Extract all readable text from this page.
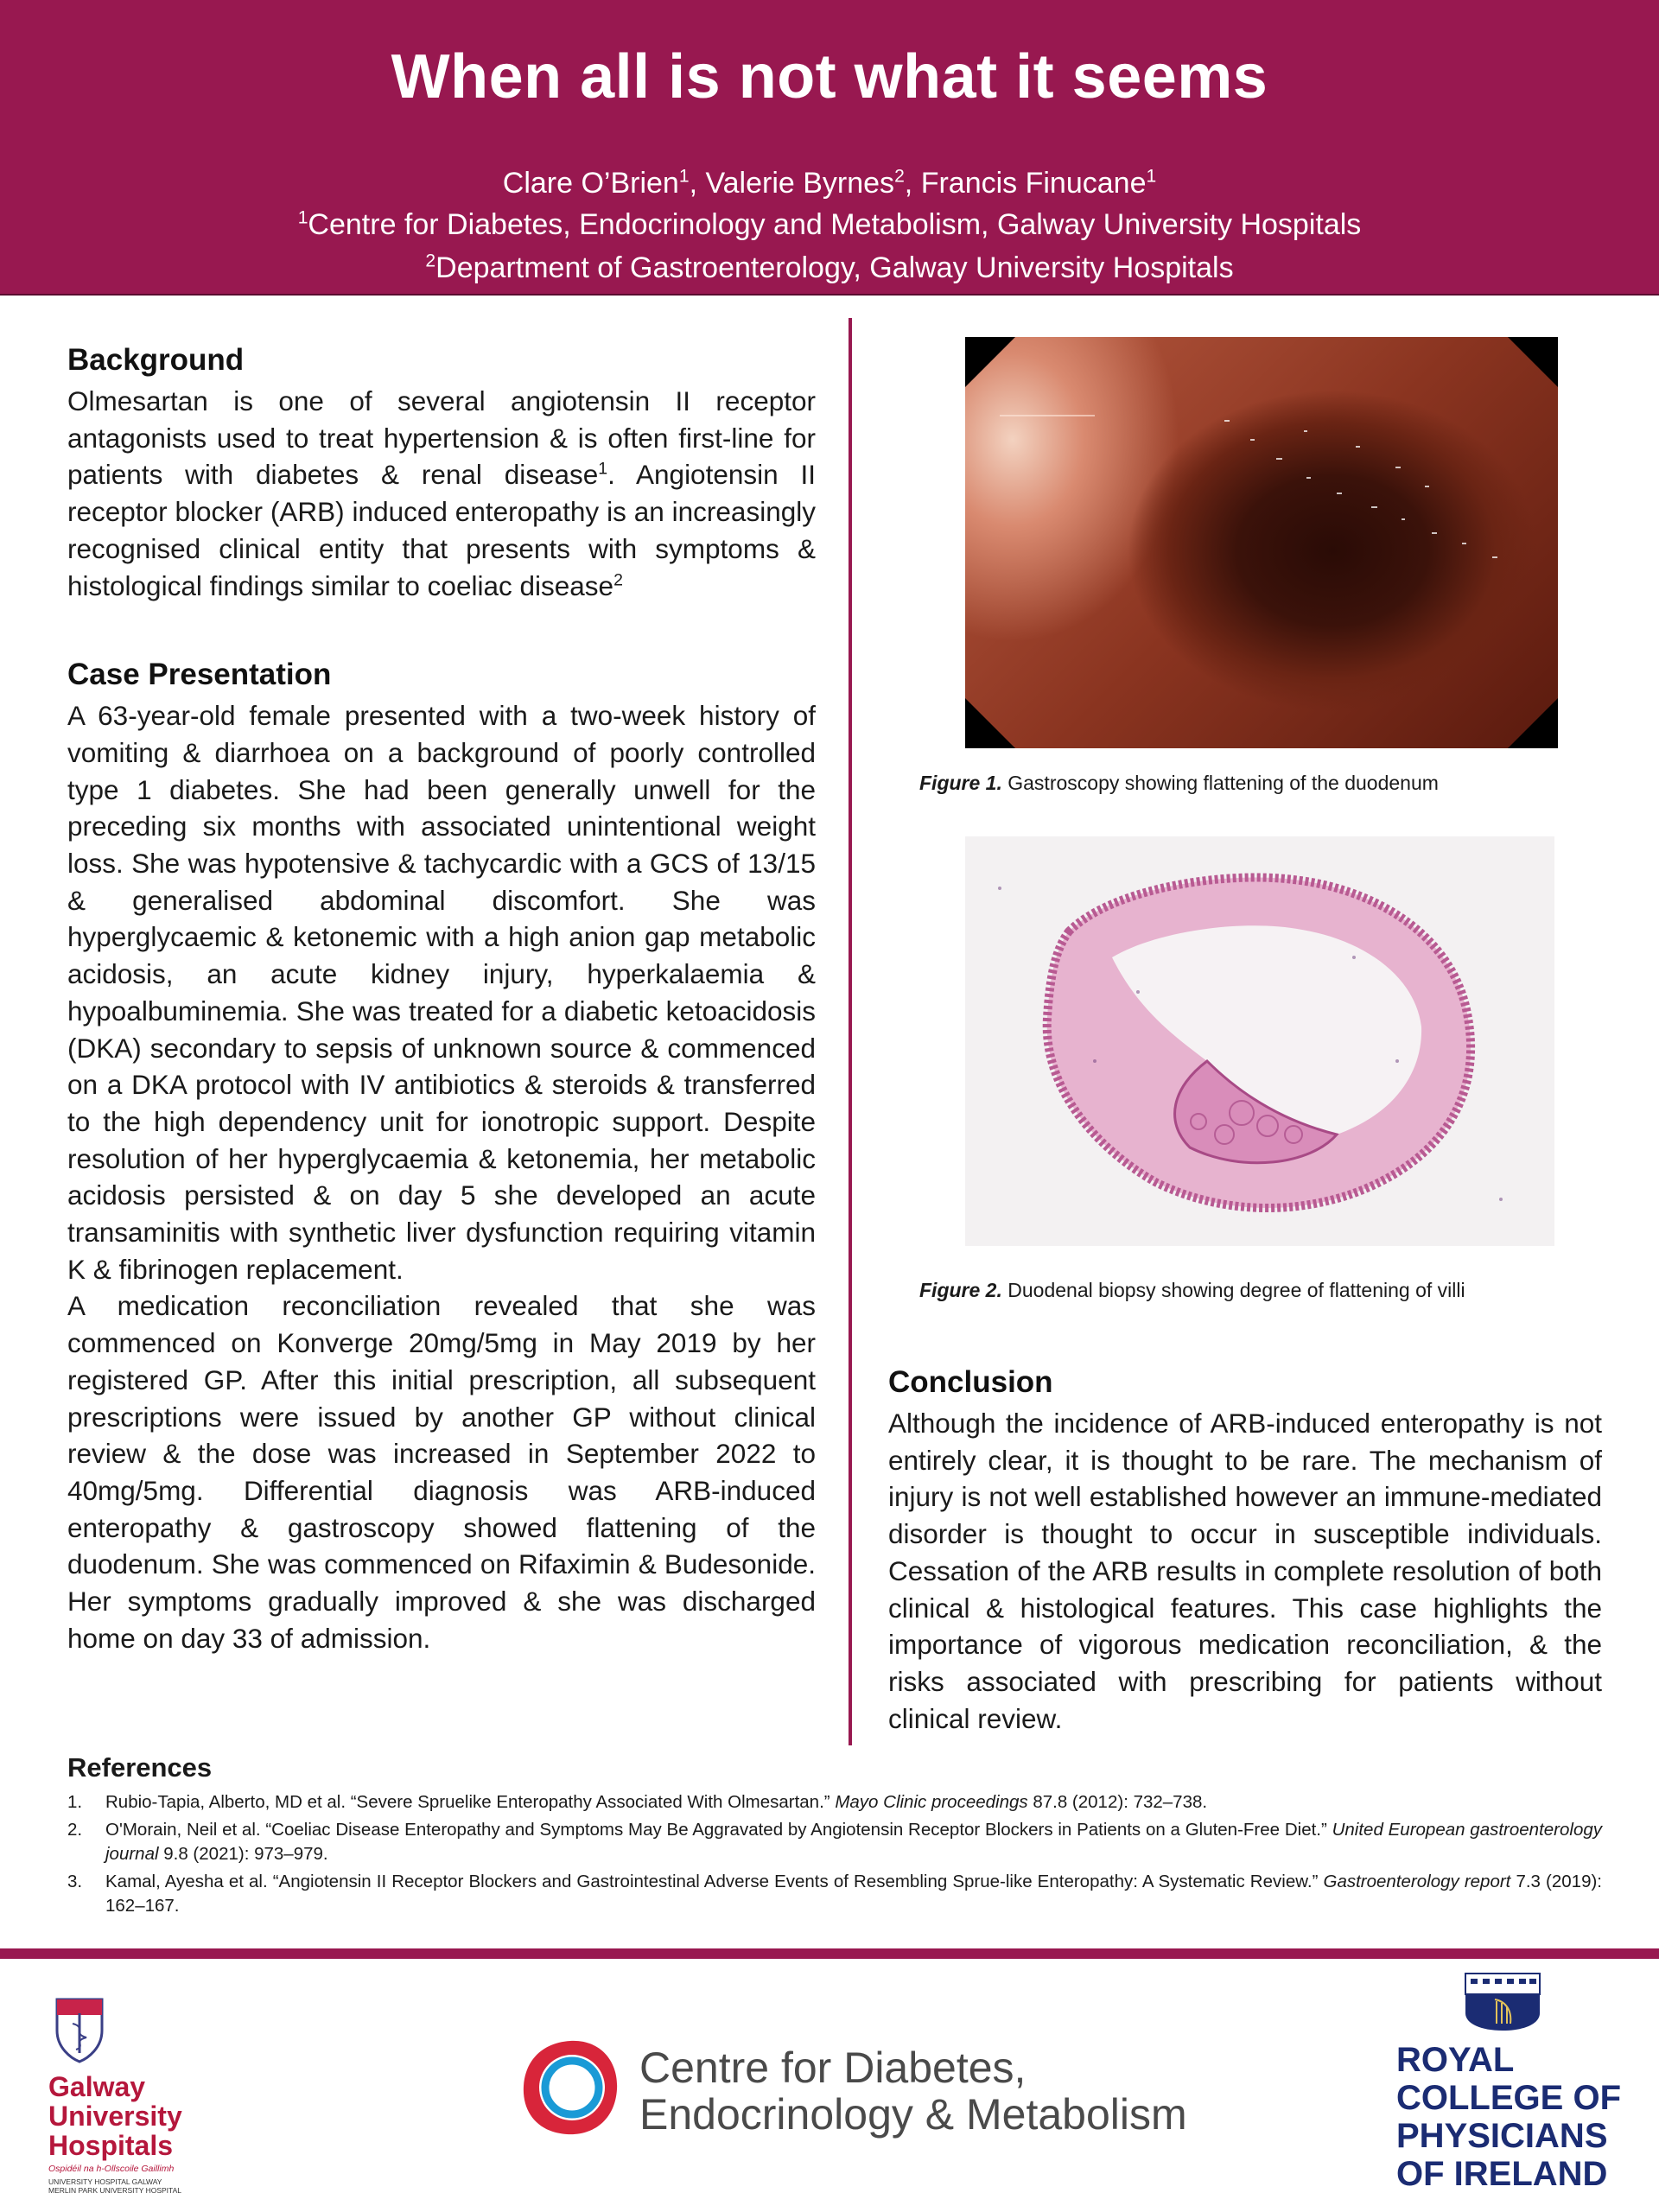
When all is not what it seems
Clare O’Brien$^1$, Valerie Byrnes$^2$, Francis Finucane$^1$
$^1$Centre for Diabetes, Endocrinology and Metabolism, Galway University Hospitals
$^2$Department of Gastroenterology, Galway University Hospitals
Background

Olmesartan is one of several angiotensin II receptor antagonists used to treat hypertension & is often first-line for patients with diabetes & renal disease$^1$. Angiotensin II receptor blocker (ARB) induced enteropathy is an increasingly recognised clinical entity that presents with symptoms & histological findings similar to coeliac disease$^2$

Case Presentation

A 63-year-old female presented with a two-week history of vomiting & diarrhoea on a background of poorly controlled type 1 diabetes. She had been generally unwell for the preceding six months with associated unintentional weight loss. She was hypotensive & tachycardic with a GCS of 13/15 & generalised abdominal discomfort. She was hyperglycaemic & ketonemic with a high anion gap metabolic acidosis, an acute kidney injury, hyperkalaemia & hypoalbuminemia. She was treated for a diabetic ketoacidosis (DKA) secondary to sepsis of unknown source & commenced on a DKA protocol with IV antibiotics & steroids & transferred to the high dependency unit for ionotropic support. Despite resolution of her hyperglycaemia & ketonemia, her metabolic acidosis persisted & on day 5 she developed an acute transaminitis with synthetic liver dysfunction requiring vitamin K & fibrinogen replacement.

A medication reconciliation revealed that she was commenced on Konverge 20mg/5mg in May 2019 by her registered GP. After this initial prescription, all subsequent prescriptions were issued by another GP without clinical review & the dose was increased in September 2022 to 40mg/5mg. Differential diagnosis was ARB-induced enteropathy & gastroscopy showed flattening of the duodenum. She was commenced on Rifaximin & Budesonide. Her symptoms gradually improved & she was discharged home on day 33 of admission.

Figure 1. Gastroscopy showing flattening of the duodenum
Figure 2. Duodenal biopsy showing degree of flattening of villi
Conclusion

Although the incidence of ARB-induced enteropathy is not entirely clear, it is thought to be rare. The mechanism of injury is not well established however an immune-mediated disorder is thought to occur in susceptible individuals. Cessation of the ARB results in complete resolution of both clinical & histological features. This case highlights the importance of vigorous medication reconciliation, & the risks associated with prescribing for patients without clinical review.

References
1. Rubio-Tapia, Alberto, MD et al. “Severe Spruelike Enteropathy Associated With Olmesartan.” Mayo Clinic proceedings 87.8 (2012): 732–738.
2. O'Morain, Neil et al. “Coeliac Disease Enteropathy and Symptoms May Be Aggravated by Angiotensin Receptor Blockers in Patients on a Gluten-Free Diet.” United European gastroenterology journal 9.8 (2021): 973–979.
3. Kamal, Ayesha et al. “Angiotensin II Receptor Blockers and Gastrointestinal Adverse Events of Resembling Sprue-like Enteropathy: A Systematic Review.” Gastroenterology report 7.3 (2019): 162–167.
Galway
University
Hospitals
Ospidéil na h-Ollscoile Gaillimh
UNIVERSITY HOSPITAL GALWAY
MERLIN PARK UNIVERSITY HOSPITAL
Centre for Diabetes,
Endocrinology & Metabolism
ROYAL
COLLEGE OF
PHYSICIANS
OF IRELAND
